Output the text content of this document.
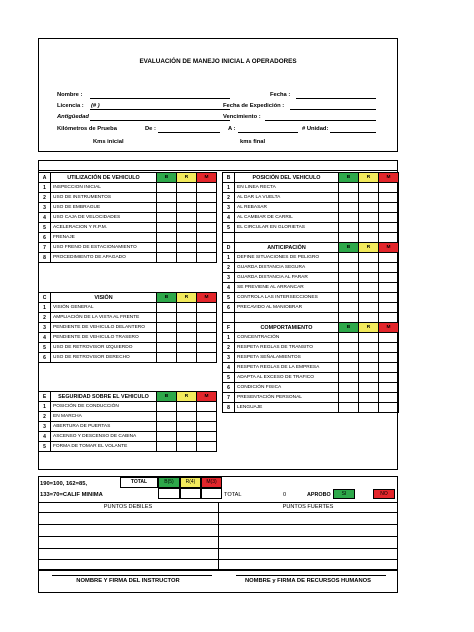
EVALUACIÓN DE MANEJO INICIAL A OPERADORES
Nombre :	Fecha :
Licencia : (# )	Fecha de Expedición :
Antigüedad	Vencimiento :
Kilómetros de Prueba	De :	A :	# Unidad:
Kms inicial	kms final
A	UTILIZACIÓN DE VEHICULO	B	R	M
1	INSPECCION INICIAL			
2	USO DE INSTRUMENTOS			
3	USO DE EMBRAGUE			
4	USO CAJA DE VELOCIDADES			
5	ACELERACION Y R.P.M.			
6	FRENAJE			
7	USO FRENO DE ESTACIONAMIENTO			
8	PROCEDIMIENTO DE APAGADO			
B	POSICIÓN DEL VEHICULO	B	R	M
1	EN LINEA RECTA			
2	AL DAR LA VUELTA			
3	AL REBASAR			
4	AL CAMBIAR DE CARRIL			
5	EL CIRCULAR EN GLORIETAS			

D	ANTICIPACIÓN	B	R	M
1	DEFINE SITUACIONES DE PELIGRO			
2	GUARDA DISTANCIA SEGURA			
3	GUARDA DISTANCIA AL PARAR			
4	SE PREVIENE AL ARRANCAR			
5	CONTROLA LAS INTERSECCIONES			
6	PRECAVIDO AL MANIOBRAR			

F	COMPORTAMIENTO	B	R	M
1	CONCENTRACIÓN			
2	RESPETA REGLAS DE TRANSITO			
3	RESPETA SEÑALAMIENTOS			
4	RESPETA REGLAS DE LA EMPRESA			
5	ADAPTA AL EXCESO DE TRAFICO			
6	CONDICIÓN FISICA			
7	PRESENTACIÓN PERSONAL			
8	LENGUAJE			
C	VISIÓN	B	R	M
1	VISIÓN GENERAL			
2	AMPLIACIÓN DE LA VISTA AL FRENTE			
3	PENDIENTE DE VEHICULO DELANTERO			
4	PENDIENTE DE VEHICULO TRASERO			
5	USO DE RETROVISOR IZQUIERDO			
6	USO DE RETROVISOR DERECHO			
E	SEGURIDAD SOBRE EL VEHICULO	B	R	M
1	POSICIÓN DE CONDUCCIÓN			
2	EN MARCHA			
3	ABERTURA DE PUERTAS			
4	ASCENSO Y DESCENSO DE CABINA			
5	FORMA DE TOMAR EL VOLANTE			
190=100, 162=85,
133=70=CALIF MINIMA
TOTAL	B(5)	R(4)	M(3)
TOTAL	0	APROBO	SI	NO
PUNTOS DEBILES	PUNTOS FUERTES
NOMBRE Y FIRMA DEL INSTRUCTOR	NOMBRE y FIRMA DE RECURSOS HUMANOS
